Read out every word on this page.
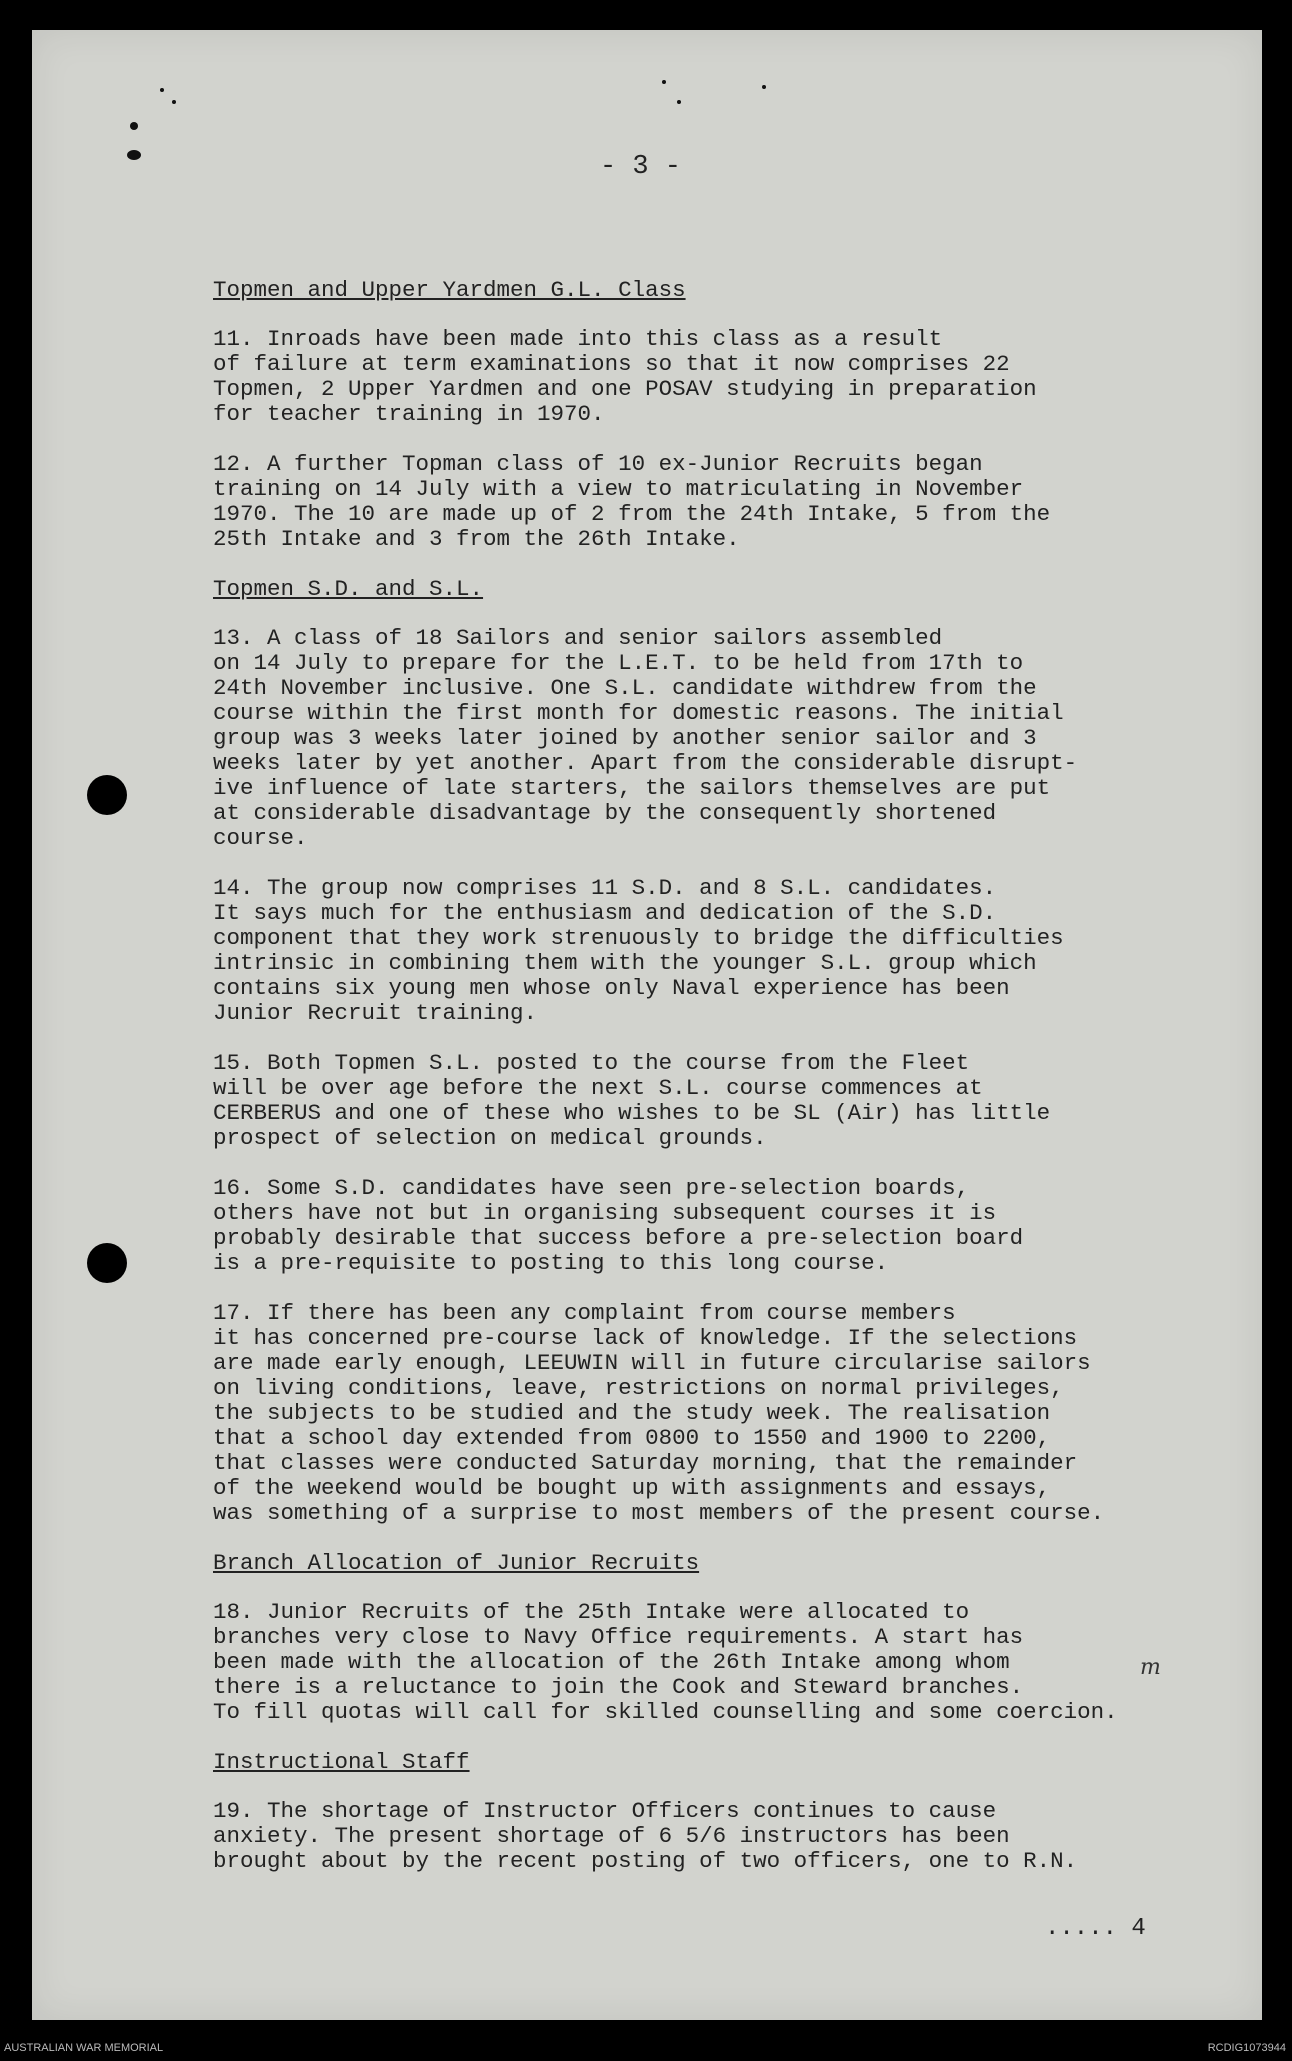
- 3 -

Topmen and Upper Yardmen G.L. Class

11. Inroads have been made into this class as a result
of failure at term examinations so that it now comprises 22
Topmen, 2 Upper Yardmen and one POSAV studying in preparation
for teacher training in 1970.

12. A further Topman class of 10 ex-Junior Recruits began
training on 14 July with a view to matriculating in November
1970. The 10 are made up of 2 from the 24th Intake, 5 from the
25th Intake and 3 from the 26th Intake.

Topmen S.D. and S.L.

13. A class of 18 Sailors and senior sailors assembled
on 14 July to prepare for the L.E.T. to be held from 17th to
24th November inclusive. One S.L. candidate withdrew from the
course within the first month for domestic reasons. The initial
group was 3 weeks later joined by another senior sailor and 3
weeks later by yet another. Apart from the considerable disrupt-
ive influence of late starters, the sailors themselves are put
at considerable disadvantage by the consequently shortened
course.

14. The group now comprises 11 S.D. and 8 S.L. candidates.
It says much for the enthusiasm and dedication of the S.D.
component that they work strenuously to bridge the difficulties
intrinsic in combining them with the younger S.L. group which
contains six young men whose only Naval experience has been
Junior Recruit training.

15. Both Topmen S.L. posted to the course from the Fleet
will be over age before the next S.L. course commences at
CERBERUS and one of these who wishes to be SL (Air) has little
prospect of selection on medical grounds.

16. Some S.D. candidates have seen pre-selection boards,
others have not but in organising subsequent courses it is
probably desirable that success before a pre-selection board
is a pre-requisite to posting to this long course.

17. If there has been any complaint from course members
it has concerned pre-course lack of knowledge. If the selections
are made early enough, LEEUWIN will in future circularise sailors
on living conditions, leave, restrictions on normal privileges,
the subjects to be studied and the study week. The realisation
that a school day extended from 0800 to 1550 and 1900 to 2200,
that classes were conducted Saturday morning, that the remainder
of the weekend would be bought up with assignments and essays,
was something of a surprise to most members of the present course.

Branch Allocation of Junior Recruits

18. Junior Recruits of the 25th Intake were allocated to
branches very close to Navy Office requirements. A start has
been made with the allocation of the 26th Intake among whom
there is a reluctance to join the Cook and Steward branches.
To fill quotas will call for skilled counselling and some coercion.

Instructional Staff

19. The shortage of Instructor Officers continues to cause
anxiety. The present shortage of 6 5/6 instructors has been
brought about by the recent posting of two officers, one to R.N.

m
..... 4
AUSTRALIAN WAR MEMORIAL	RCDIG1073944
